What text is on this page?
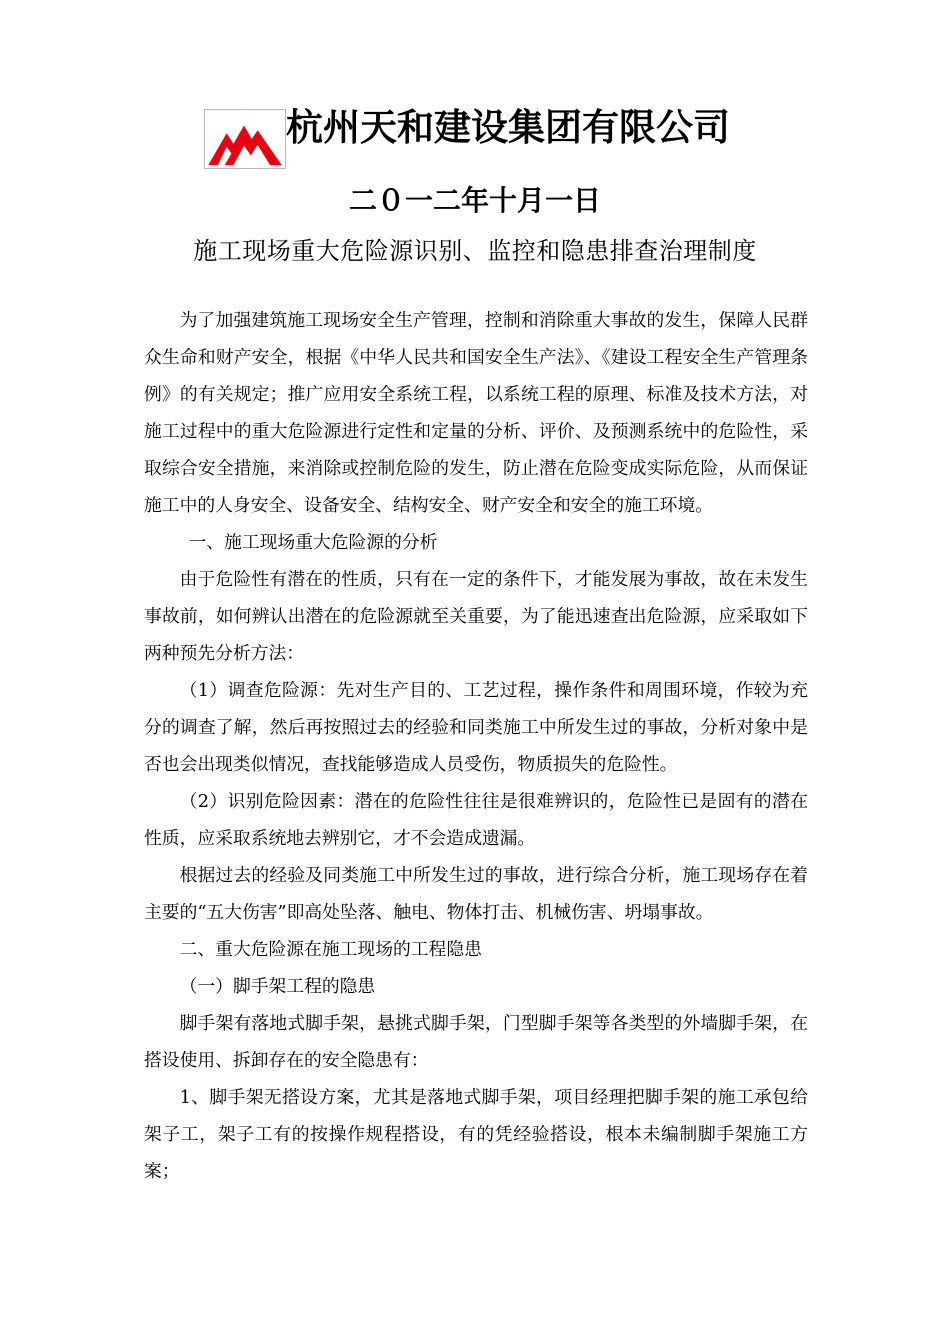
杭州天和建设集团有限公司
二０一二年十月一日
施工现场重大危险源识别、监控和隐患排查治理制度

为了加强建筑施工现场安全生产管理，控制和消除重大事故的发生，保障人民群众生命和财产安全，根据《中华人民共和国安全生产法》、《建设工程安全生产管理条例》的有关规定；推广应用安全系统工程，以系统工程的原理、标准及技术方法，对施工过程中的重大危险源进行定性和定量的分析、评价、及预测系统中的危险性，采取综合安全措施，来消除或控制危险的发生，防止潜在危险变成实际危险，从而保证施工中的人身安全、设备安全、结构安全、财产安全和安全的施工环境。

一、施工现场重大危险源的分析

由于危险性有潜在的性质，只有在一定的条件下，才能发展为事故，故在未发生事故前，如何辨认出潜在的危险源就至关重要，为了能迅速查出危险源，应采取如下两种预先分析方法：

（1）调查危险源：先对生产目的、工艺过程，操作条件和周围环境，作较为充分的调查了解，然后再按照过去的经验和同类施工中所发生过的事故，分析对象中是否也会出现类似情况，查找能够造成人员受伤，物质损失的危险性。

（2）识别危险因素：潜在的危险性往往是很难辨识的，危险性已是固有的潜在性质，应采取系统地去辨别它，才不会造成遗漏。

根据过去的经验及同类施工中所发生过的事故，进行综合分析，施工现场存在着主要的“五大伤害”即高处坠落、触电、物体打击、机械伤害、坍塌事故。

二、重大危险源在施工现场的工程隐患

（一）脚手架工程的隐患

脚手架有落地式脚手架，悬挑式脚手架，门型脚手架等各类型的外墙脚手架，在搭设使用、拆卸存在的安全隐患有：

1、脚手架无搭设方案，尤其是落地式脚手架，项目经理把脚手架的施工承包给架子工，架子工有的按操作规程搭设，有的凭经验搭设，根本未编制脚手架施工方案；
